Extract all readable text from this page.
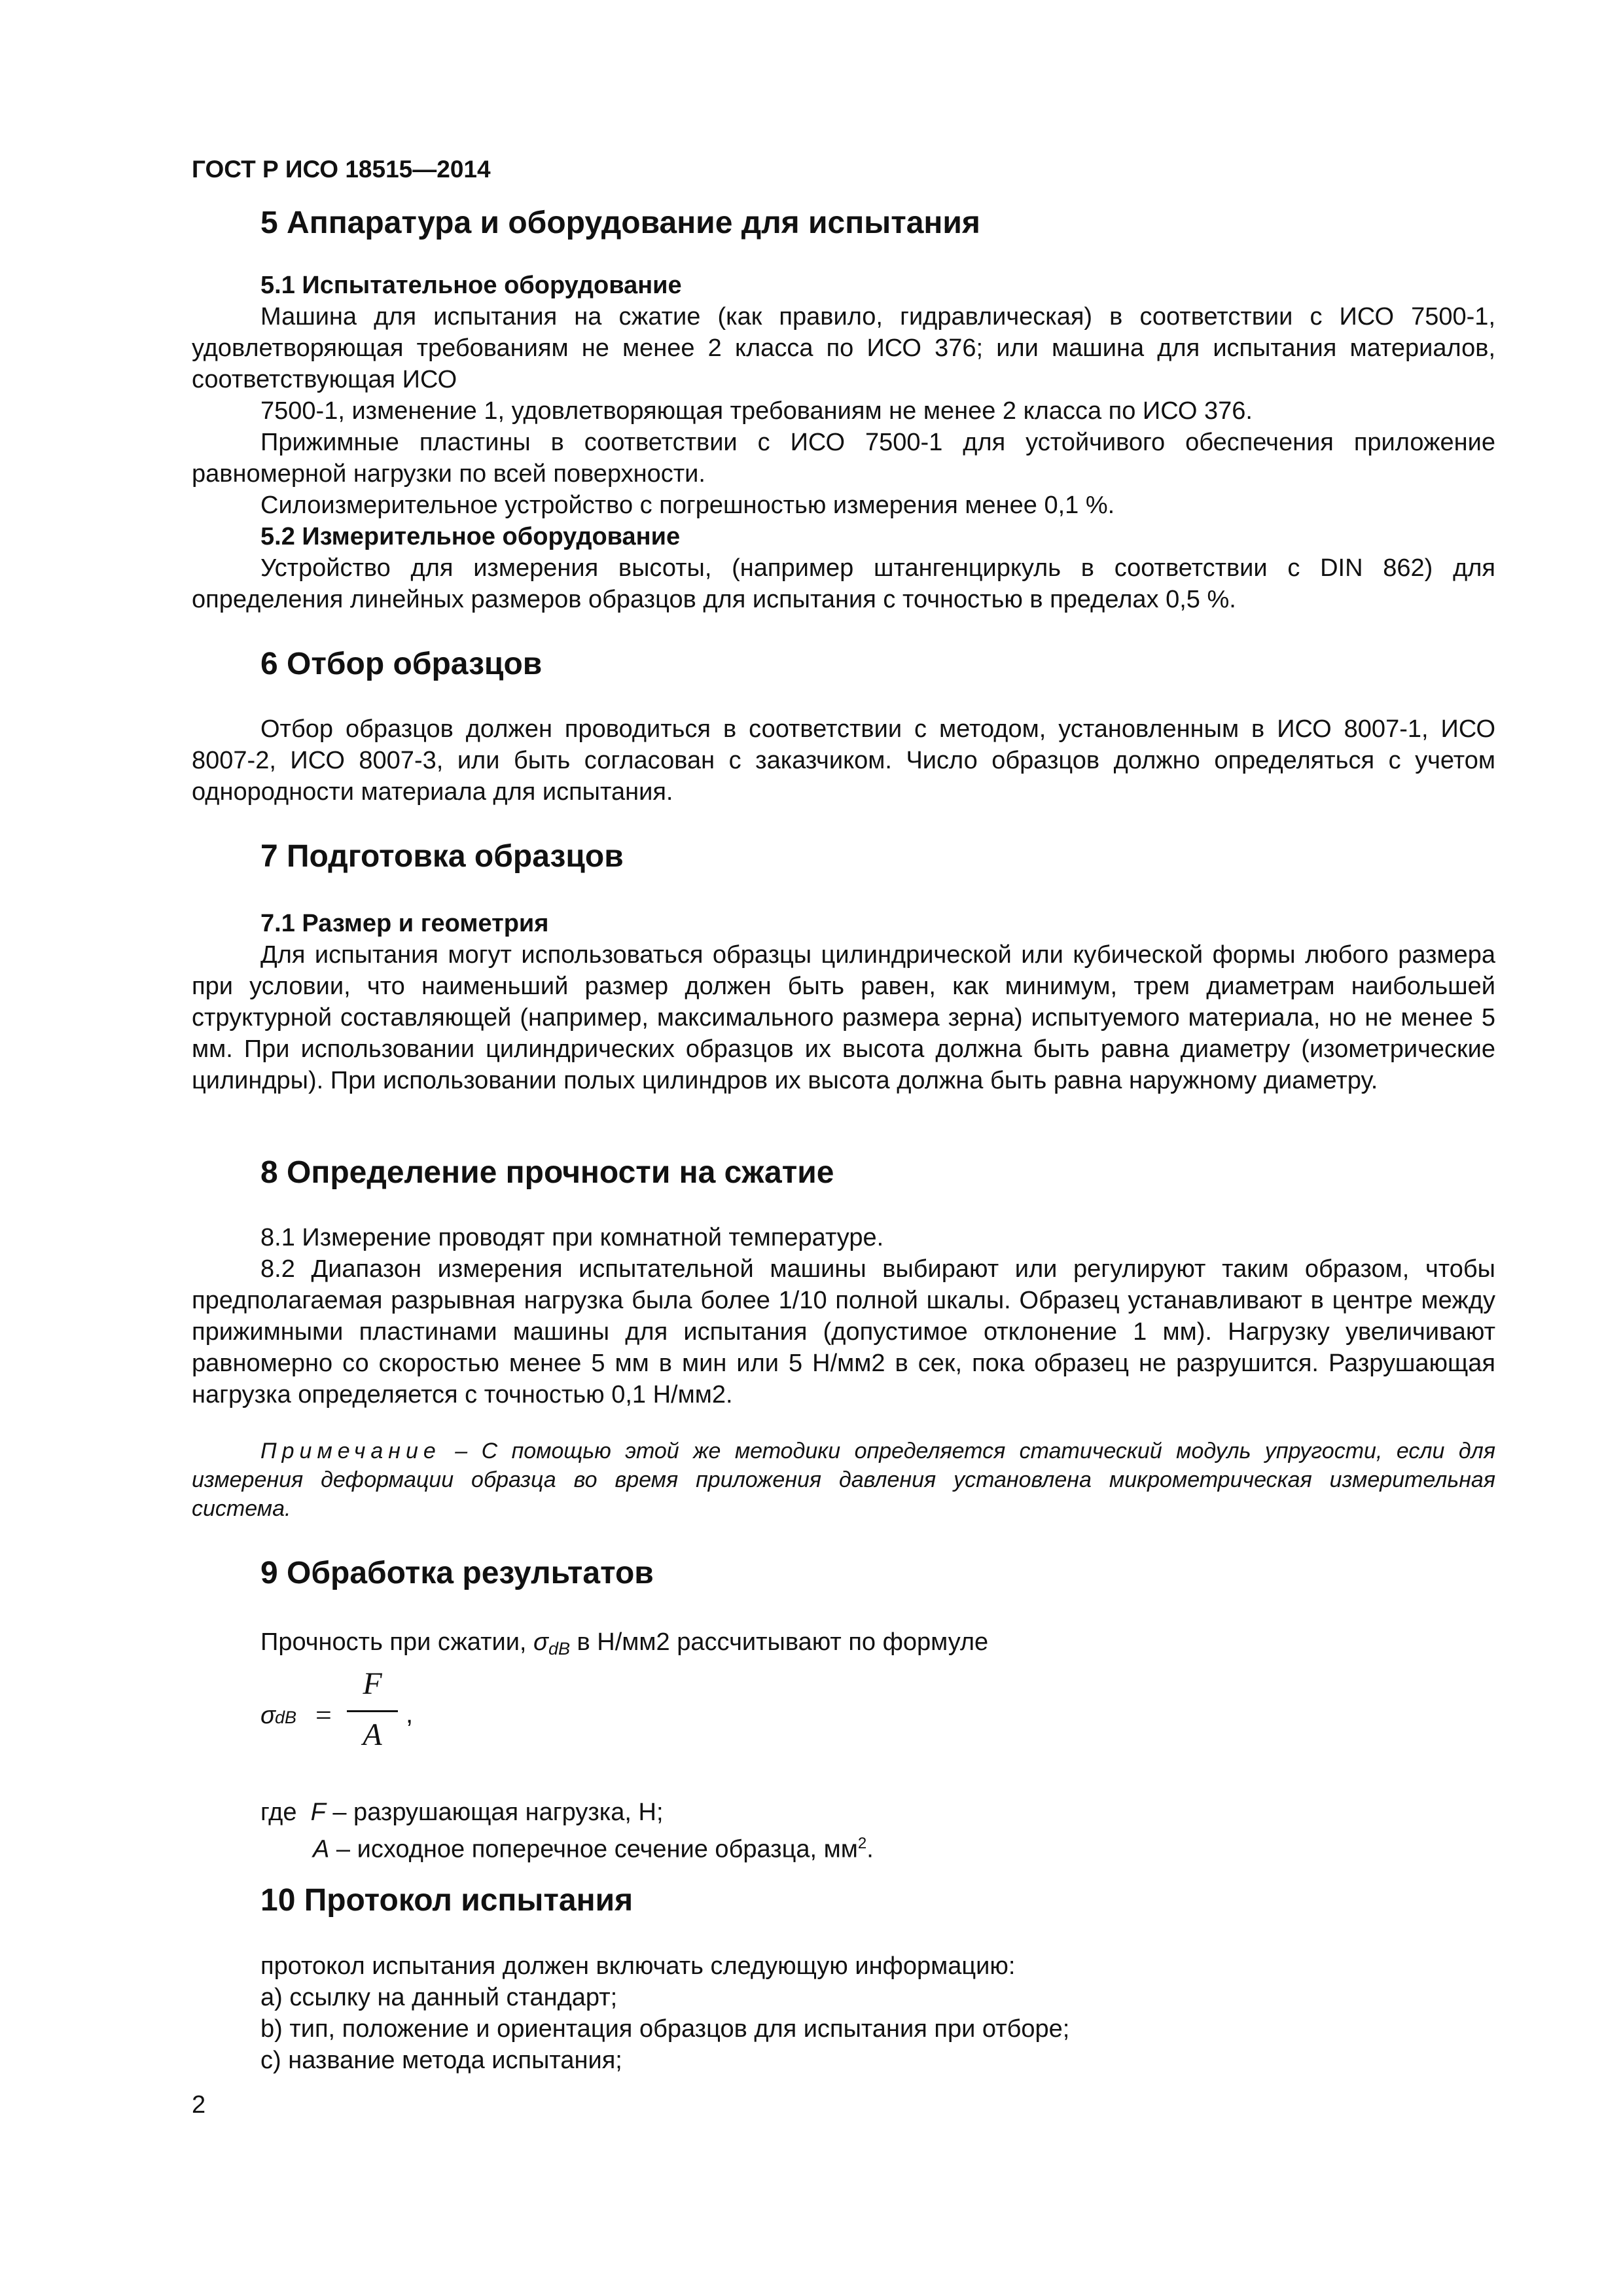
ГОСТ Р ИСО 18515—2014
5 Аппаратура и оборудование для испытания
5.1 Испытательное оборудование

Машина для испытания на сжатие (как правило, гидравлическая) в соответствии с ИСО 7500-1, удовлетворяющая требованиям не менее 2 класса по ИСО 376; или машина для испытания материалов, соответствующая ИСО

7500-1, изменение 1, удовлетворяющая требованиям не менее 2 класса по ИСО 376.

Прижимные пластины в соответствии с ИСО 7500-1 для устойчивого обеспечения приложение равномерной нагрузки по всей поверхности.

Силоизмерительное устройство с погрешностью измерения менее 0,1 %.

5.2 Измерительное оборудование

Устройство для измерения высоты, (например штангенциркуль в соответствии с DIN 862) для определения линейных размеров образцов для испытания с точностью в пределах 0,5 %.

6 Отбор образцов

Отбор образцов должен проводиться в соответствии с методом, установленным в ИСО 8007-1, ИСО 8007-2, ИСО 8007-3, или быть согласован с заказчиком. Число образцов должно определяться с учетом однородности материала для испытания.

7 Подготовка образцов
7.1 Размер и геометрия

Для испытания могут использоваться образцы цилиндрической или кубической формы любого размера при условии, что наименьший размер должен быть равен, как минимум, трем диаметрам наибольшей структурной составляющей (например, максимального размера зерна) испытуемого материала, но не менее 5 мм. При использовании цилиндрических образцов их высота должна быть равна диаметру (изометрические цилиндры). При использовании полых цилиндров их высота должна быть равна наружному диаметру.

8 Определение прочности на сжатие

8.1 Измерение проводят при комнатной температуре.

8.2 Диапазон измерения испытательной машины выбирают или регулируют таким образом, чтобы предполагаемая разрывная нагрузка была более 1/10 полной шкалы. Образец устанавливают в центре между прижимными пластинами машины для испытания (допустимое отклонение 1 мм). Нагрузку увеличивают равномерно со скоростью менее 5 мм в мин или 5 Н/мм2 в сек, пока образец не разрушится. Разрушающая нагрузка определяется с точностью 0,1 Н/мм2.

Примечание – С помощью этой же методики определяется статический модуль упругости, если для измерения деформации образца во время приложения давления установлена микрометрическая измерительная система.
9 Обработка результатов
Прочность при сжатии, $\sigma_{dB}$ в Н/мм2 рассчитывают по формуле
σ dB =
F
A
,
где F – разрушающая нагрузка, Н;
A – исходное поперечное сечение образца, $мм^2$.
10 Протокол испытания
протокол испытания должен включать следующую информацию:
а) ссылку на данный стандарт;
b) тип, положение и ориентация образцов для испытания при отборе;
c) название метода испытания;
2
